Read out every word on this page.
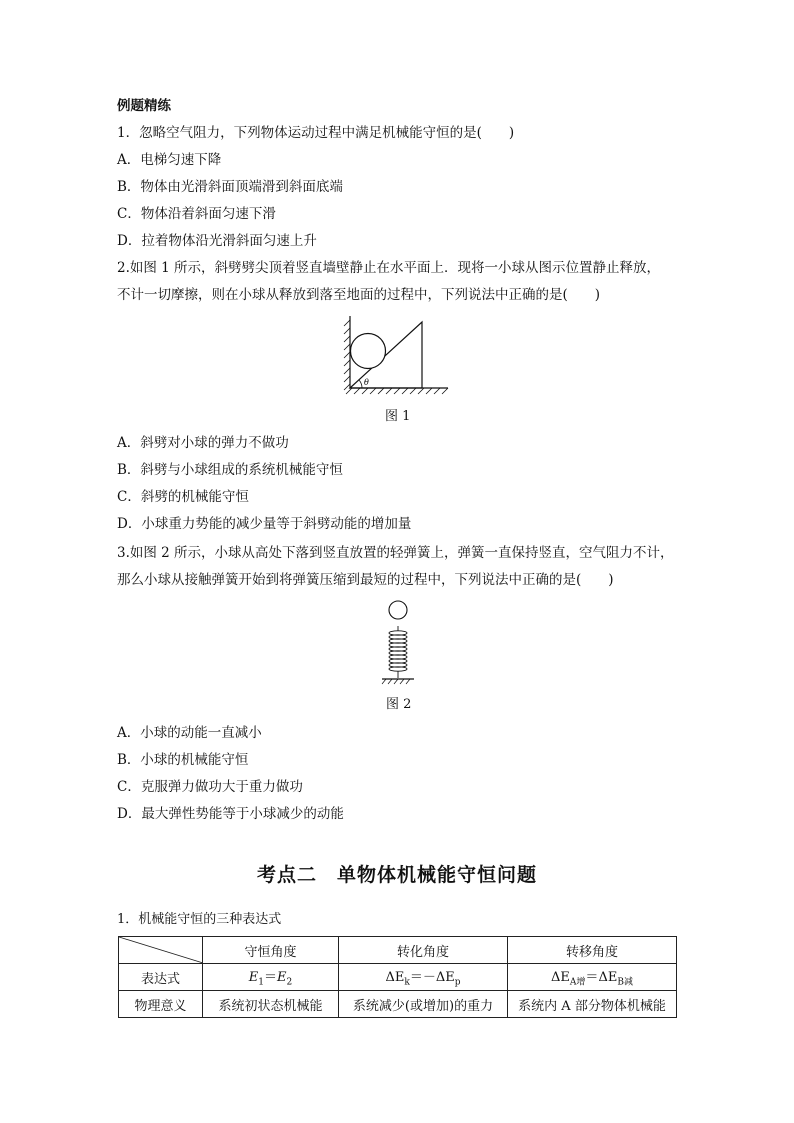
例题精练
1．忽略空气阻力，下列物体运动过程中满足机械能守恒的是(　　)
A．电梯匀速下降
B．物体由光滑斜面顶端滑到斜面底端
C．物体沿着斜面匀速下滑
D．拉着物体沿光滑斜面匀速上升
2.如图 1 所示，斜劈劈尖顶着竖直墙壁静止在水平面上．现将一小球从图示位置静止释放，
不计一切摩擦，则在小球从释放到落至地面的过程中，下列说法中正确的是(　　)
θ
图 1
A．斜劈对小球的弹力不做功
B．斜劈与小球组成的系统机械能守恒
C．斜劈的机械能守恒
D．小球重力势能的减少量等于斜劈动能的增加量
3.如图 2 所示，小球从高处下落到竖直放置的轻弹簧上，弹簧一直保持竖直，空气阻力不计，
那么小球从接触弹簧开始到将弹簧压缩到最短的过程中，下列说法中正确的是(　　)
图 2
A．小球的动能一直减小
B．小球的机械能守恒
C．克服弹力做功大于重力做功
D．最大弹性势能等于小球减少的动能
考点二　单物体机械能守恒问题
1．机械能守恒的三种表达式
	守恒角度	转化角度	转移角度
表达式	$E_1=E_2$	$\Delta E_k=-\Delta E_p$	$\Delta E_{A增}=\Delta E_{B减}$
物理意义	系统初状态机械能	系统减少(或增加)的重力	系统内 A 部分物体机械能
